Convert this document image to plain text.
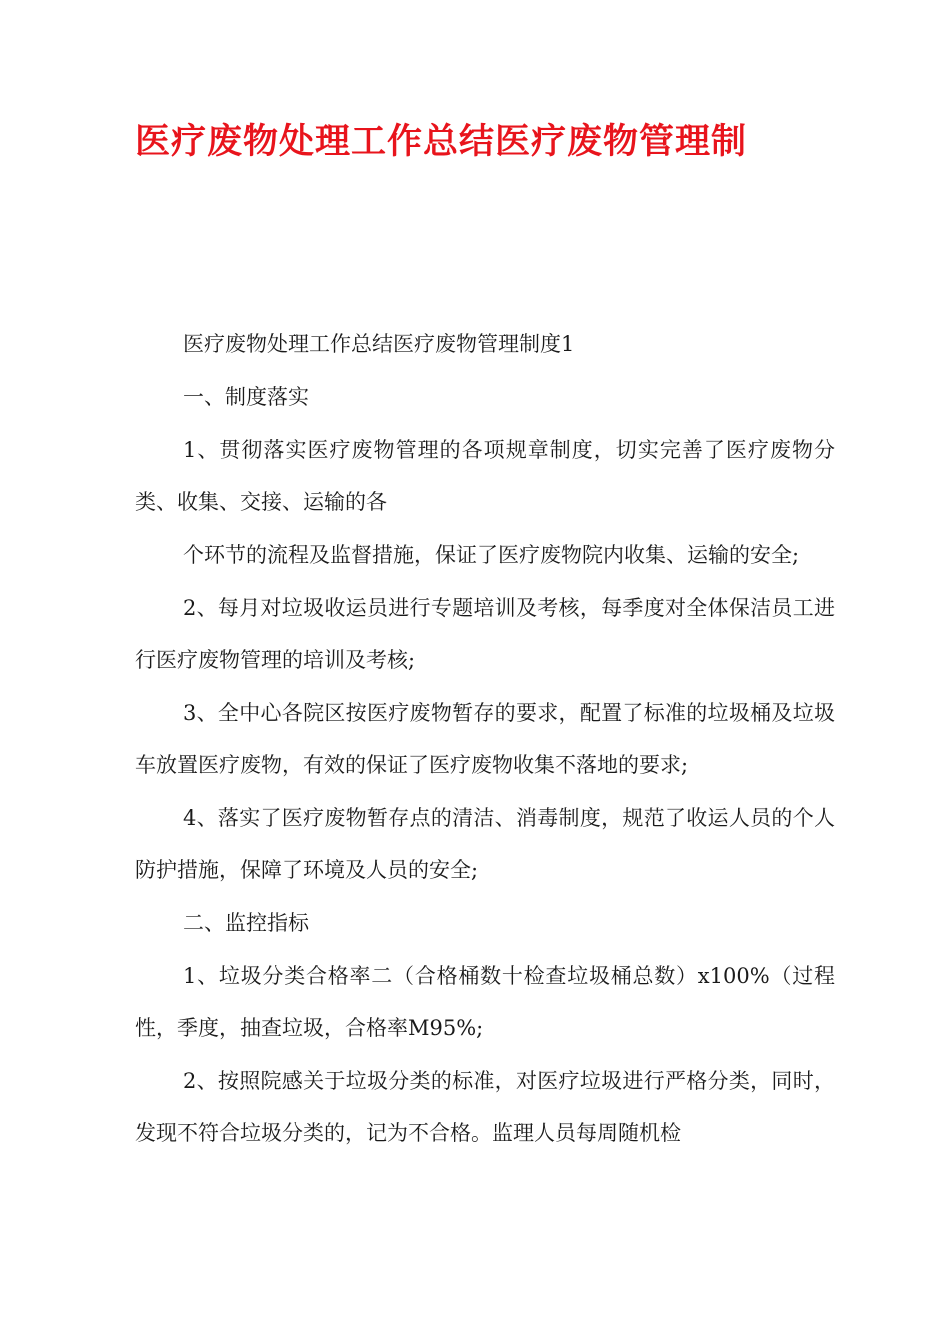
医疗废物处理工作总结医疗废物管理制

医疗废物处理工作总结医疗废物管理制度1

一、制度落实

1、贯彻落实医疗废物管理的各项规章制度，切实完善了医疗废物分类、收集、交接、运输的各

个环节的流程及监督措施，保证了医疗废物院内收集、运输的安全;

2、每月对垃圾收运员进行专题培训及考核，每季度对全体保洁员工进行医疗废物管理的培训及考核;

3、全中心各院区按医疗废物暂存的要求，配置了标准的垃圾桶及垃圾车放置医疗废物，有效的保证了医疗废物收集不落地的要求;

4、落实了医疗废物暂存点的清洁、消毒制度，规范了收运人员的个人防护措施，保障了环境及人员的安全;

二、监控指标

1、垃圾分类合格率二（合格桶数十检查垃圾桶总数）x100%（过程性，季度，抽查垃圾，合格率M95%;

2、按照院感关于垃圾分类的标准，对医疗垃圾进行严格分类，同时，发现不符合垃圾分类的，记为不合格。监理人员每周随机检
